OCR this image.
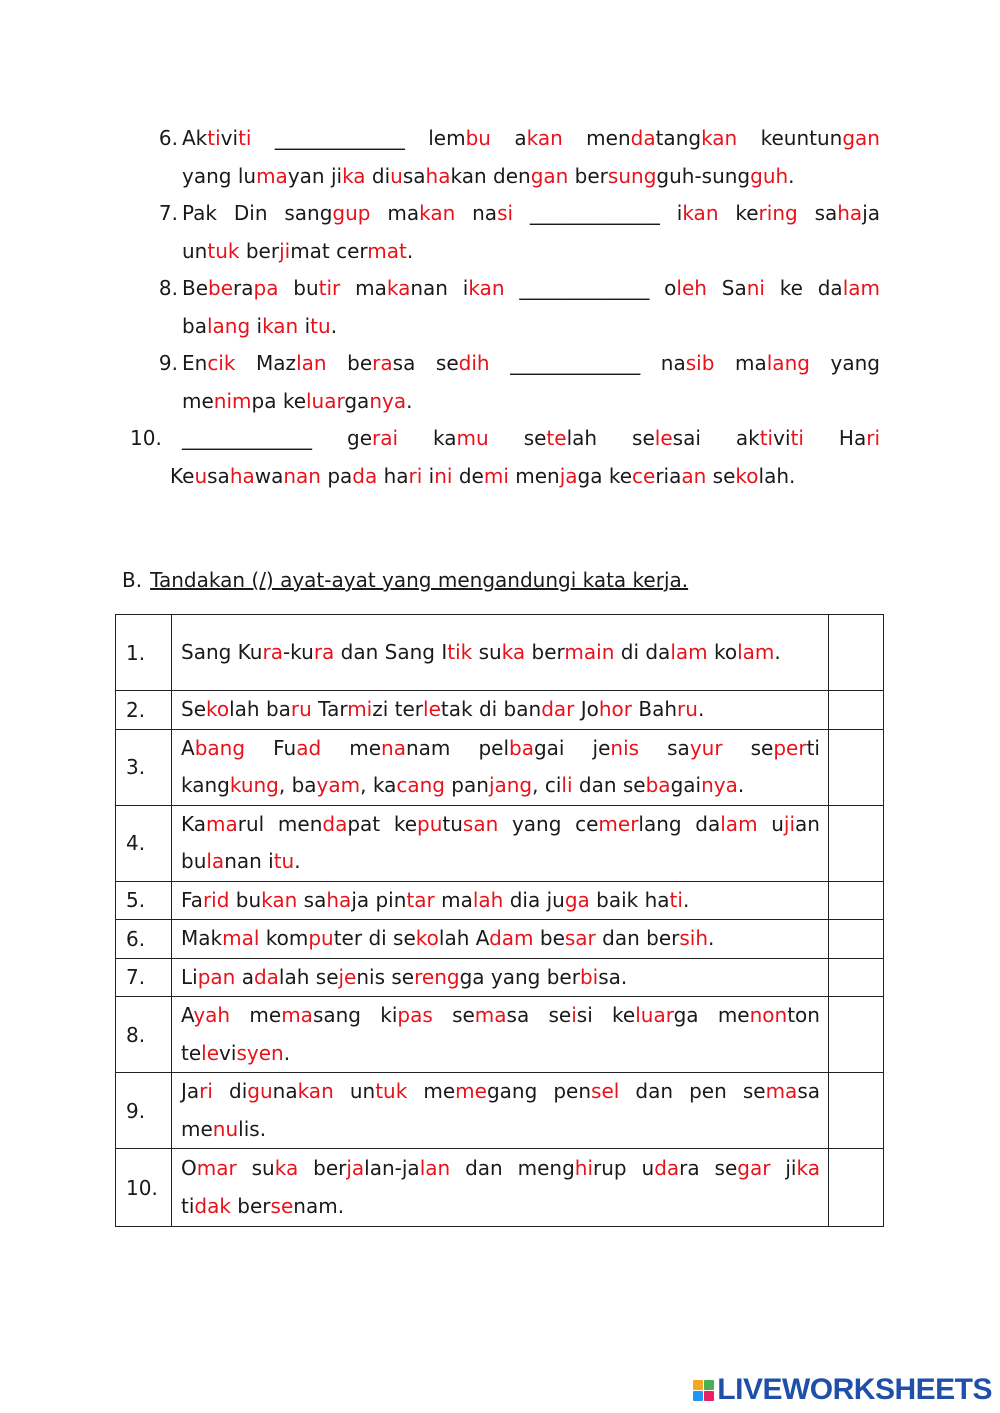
6. Aktiviti _____________ lembu akan mendatangkan keuntungan
yang lumayan jika diusahakan dengan bersungguh-sungguh.
7. Pak Din sanggup makan nasi _____________ ikan kering sahaja
untuk berjimat cermat.
8. Beberapa butir makanan ikan _____________ oleh Sani ke dalam
balang ikan itu.
9. Encik Mazlan berasa sedih _____________ nasib malang yang
menimpa keluarganya.
10.	_____________ gerai kamu setelah selesai aktiviti Hari
Keusahawanan pada hari ini demi menjaga keceriaan sekolah.
B. Tandakan (/) ayat-ayat yang mengandungi kata kerja.
1.	Sang Kura-kura dan Sang Itik suka bermain di dalam kolam.	

2.	Sekolah baru Tarmizi terletak di bandar Johor Bahru.	

3.	Abang Fuad menanam pelbagai jenis sayur seperti
kangkung, bayam, kacang panjang, cili dan sebagainya.	

4.	Kamarul mendapat keputusan yang cemerlang dalam ujian
bulanan itu.	

5.	Farid bukan sahaja pintar malah dia juga baik hati.	

6.	Makmal komputer di sekolah Adam besar dan bersih.	

7.	Lipan adalah sejenis serengga yang berbisa.	

8.	Ayah memasang kipas semasa seisi keluarga menonton
televisyen.	

9.	Jari digunakan untuk memegang pensel dan pen semasa
menulis.	

10.	Omar suka berjalan-jalan dan menghirup udara segar jika
tidak bersenam.	

LIVE WORKSHEETS
